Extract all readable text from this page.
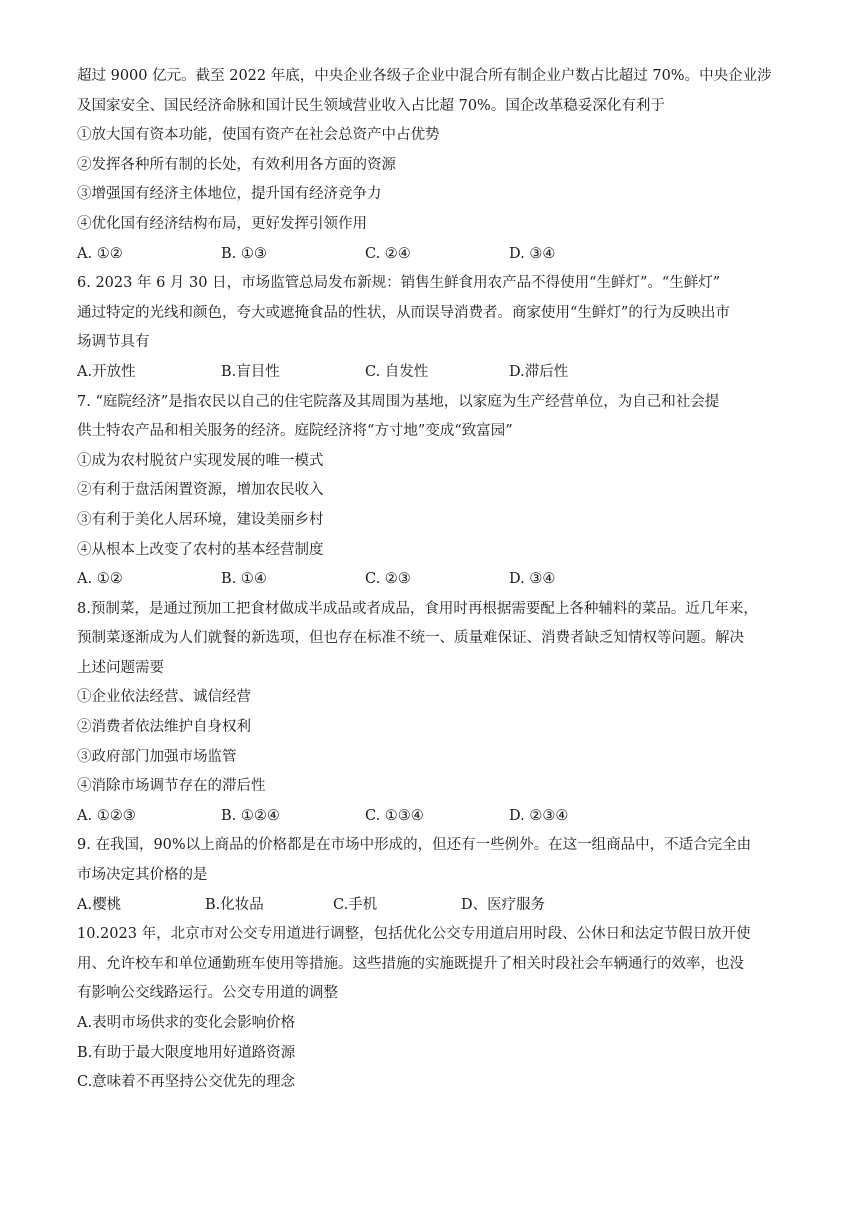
超过 9000 亿元。截至 2022 年底，中央企业各级子企业中混合所有制企业户数占比超过 70%。中央企业涉
及国家安全、国民经济命脉和国计民生领域营业收入占比超 70%。国企改革稳妥深化有利于
①放大国有资本功能，使国有资产在社会总资产中占优势
②发挥各种所有制的长处，有效利用各方面的资源
③增强国有经济主体地位，提升国有经济竞争力
④优化国有经济结构布局，更好发挥引领作用
A. ①②	B. ①③	C. ②④	D. ③④
6. 2023 年 6 月 30 日，市场监管总局发布新规：销售生鲜食用农产品不得使用“生鲜灯”。“生鲜灯”
通过特定的光线和颜色，夸大或遮掩食品的性状，从而误导消费者。商家使用“生鲜灯”的行为反映出市
场调节具有
A.开放性	B.盲目性	C. 自发性	D.滞后性
7. “庭院经济”是指农民以自己的住宅院落及其周围为基地，以家庭为生产经营单位，为自己和社会提
供土特农产品和相关服务的经济。庭院经济将“方寸地”变成“致富园”
①成为农村脱贫户实现发展的唯一模式
②有利于盘活闲置资源，增加农民收入
③有利于美化人居环境，建设美丽乡村
④从根本上改变了农村的基本经营制度
A. ①②	B. ①④	C. ②③	D. ③④
8.预制菜，是通过预加工把食材做成半成品或者成品，食用时再根据需要配上各种辅料的菜品。近几年来，
预制菜逐渐成为人们就餐的新选项，但也存在标准不统一、质量难保证、消费者缺乏知情权等问题。解决
上述问题需要
①企业依法经营、诚信经营
②消费者依法维护自身权利
③政府部门加强市场监管
④消除市场调节存在的滞后性
A. ①②③	B. ①②④	C. ①③④	D. ②③④
9. 在我国，90%以上商品的价格都是在市场中形成的，但还有一些例外。在这一组商品中，不适合完全由
市场决定其价格的是
A.樱桃	B.化妆品	C.手机	D、医疗服务
10.2023 年，北京市对公交专用道进行调整，包括优化公交专用道启用时段、公休日和法定节假日放开使
用、允许校车和单位通勤班车使用等措施。这些措施的实施既提升了相关时段社会车辆通行的效率，也没
有影响公交线路运行。公交专用道的调整
A.表明市场供求的变化会影响价格
B.有助于最大限度地用好道路资源
C.意味着不再坚持公交优先的理念
